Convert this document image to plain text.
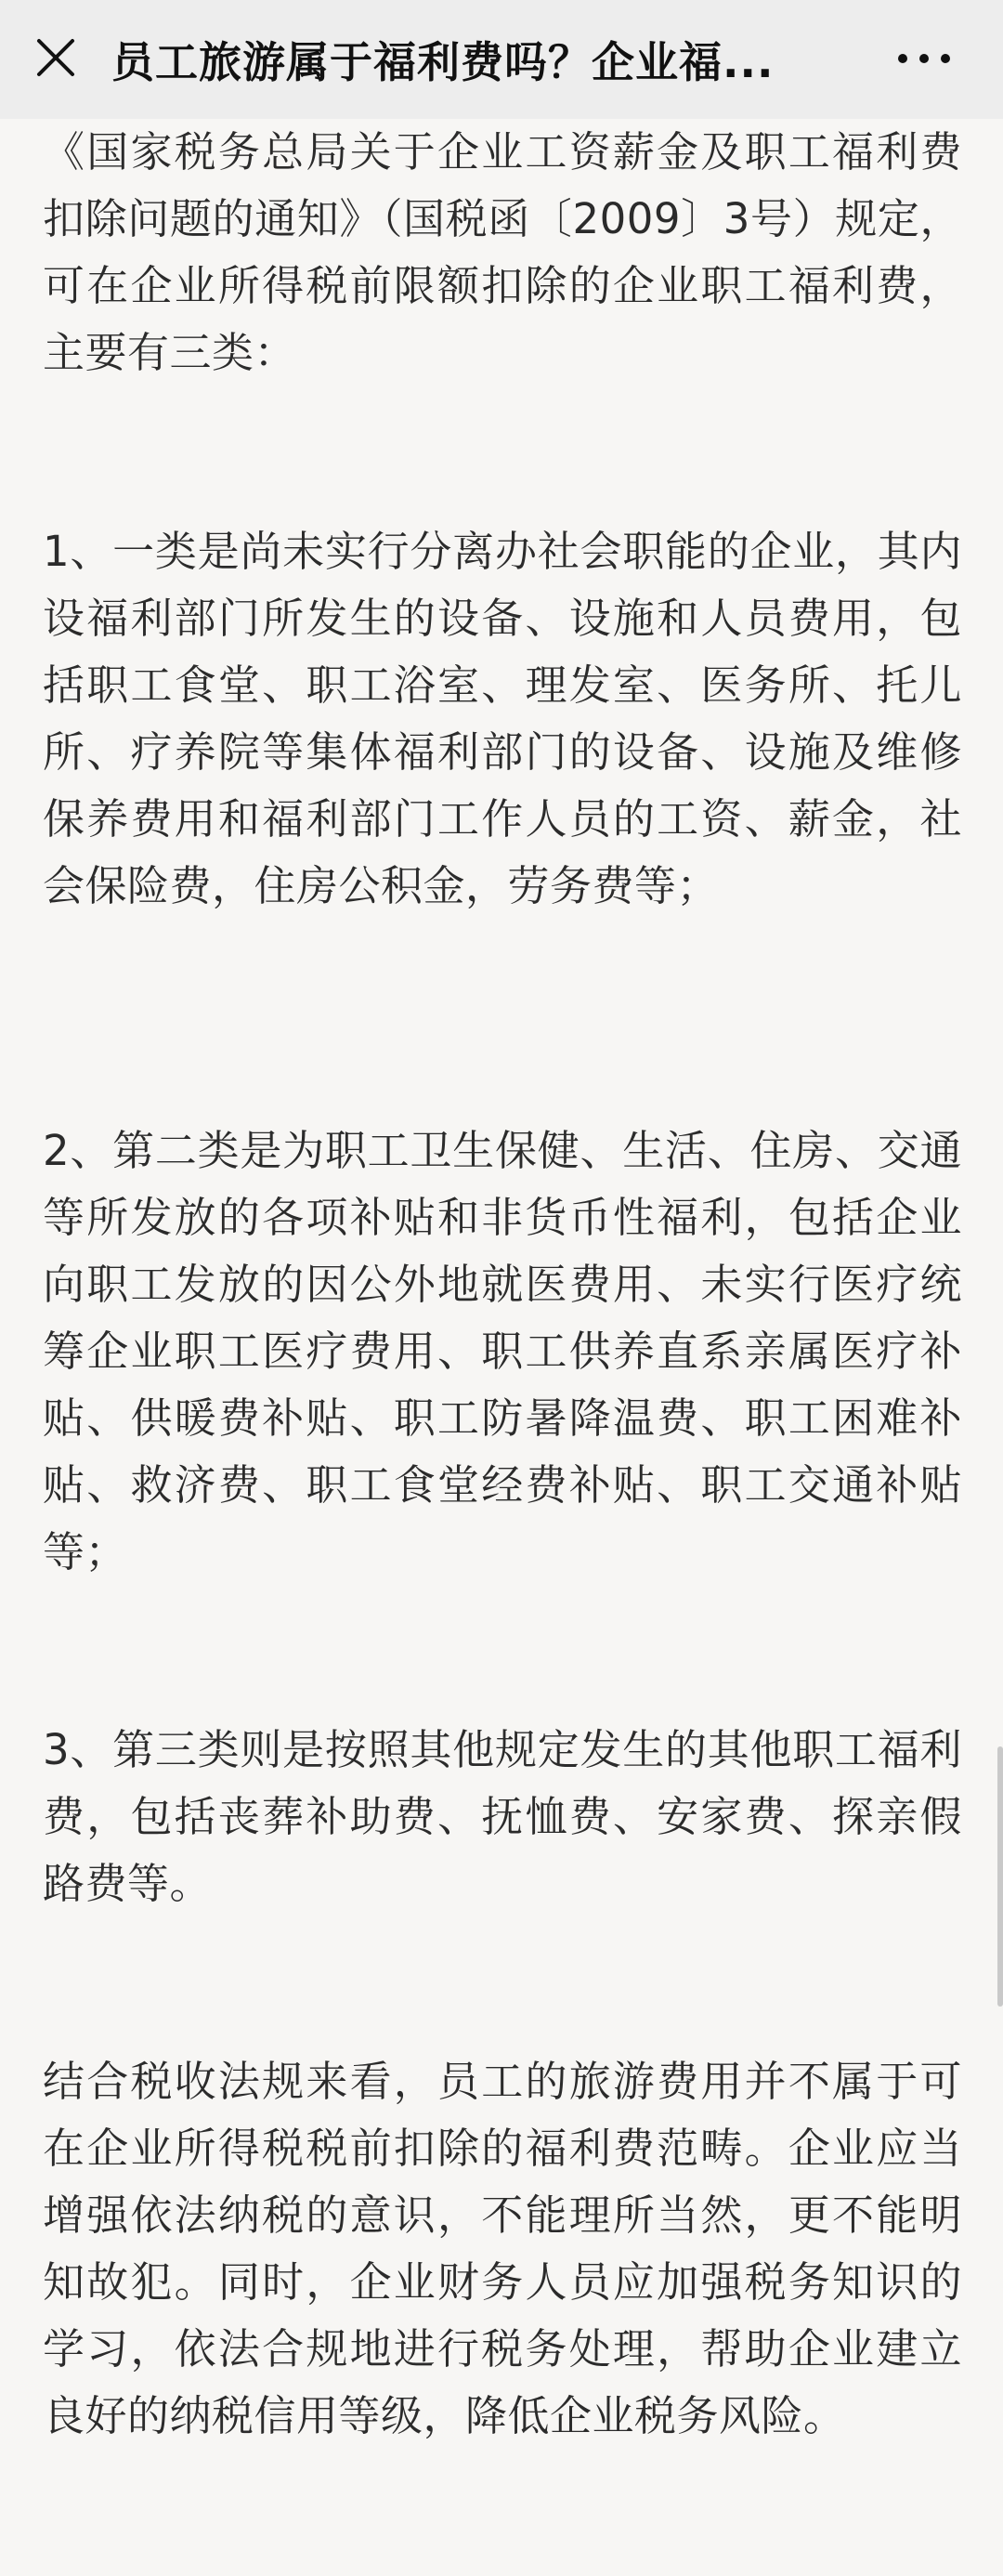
员工旅游属于福利费吗？企业福...

《国家税务总局关于企业工资薪金及职工福利费扣除问题的通知》（国税函〔2009〕3号）规定，可在企业所得税前限额扣除的企业职工福利费，主要有三类：

1、一类是尚未实行分离办社会职能的企业，其内设福利部门所发生的设备、设施和人员费用，包括职工食堂、职工浴室、理发室、医务所、托儿所、疗养院等集体福利部门的设备、设施及维修保养费用和福利部门工作人员的工资、薪金，社会保险费，住房公积金，劳务费等；

2、第二类是为职工卫生保健、生活、住房、交通等所发放的各项补贴和非货币性福利，包括企业向职工发放的因公外地就医费用、未实行医疗统筹企业职工医疗费用、职工供养直系亲属医疗补贴、供暖费补贴、职工防暑降温费、职工困难补贴、救济费、职工食堂经费补贴、职工交通补贴等；

3、第三类则是按照其他规定发生的其他职工福利费，包括丧葬补助费、抚恤费、安家费、探亲假路费等。

结合税收法规来看，员工的旅游费用并不属于可在企业所得税税前扣除的福利费范畴。企业应当增强依法纳税的意识，不能理所当然，更不能明知故犯。同时，企业财务人员应加强税务知识的学习，依法合规地进行税务处理，帮助企业建立良好的纳税信用等级，降低企业税务风险。
